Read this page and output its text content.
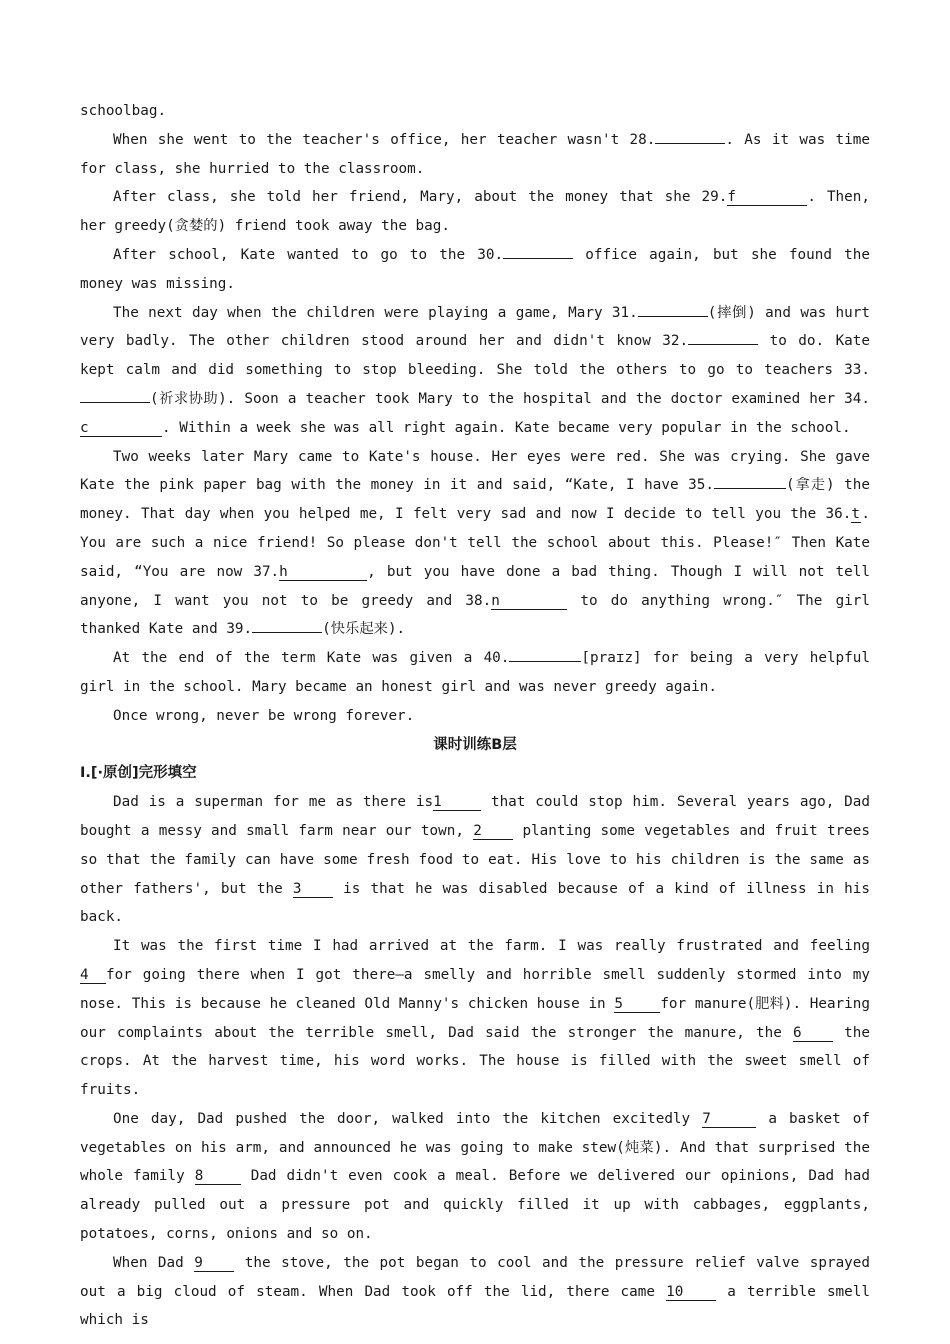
schoolbag.

When she went to the teacher's office, her teacher wasn't 28.	. As it was time for class, she hurried to the classroom.

After class, she told her friend, Mary, about the money that she 29.f	. Then, her greedy(贪婪的) friend took away the bag.

After school, Kate wanted to go to the 30.	office again, but she found the money was missing.

The next day when the children were playing a game, Mary 31.	(摔倒) and was hurt very badly. The other children stood around her and didn't know 32.	to do. Kate kept calm and did something to stop bleeding. She told the others to go to teachers 33.(祈求协助). Soon a teacher took Mary to the hospital and the doctor examined her 34.c	. Within a week she was all right again. Kate became very popular in the school.

Two weeks later Mary came to Kate's house. Her eyes were red. She was crying. She gave Kate the pink paper bag with the money in it and said, “Kate, I have 35.	(拿走) the money. That day when you helped me, I felt very sad and now I decide to tell you the 36.t. You are such a nice friend! So please don't tell the school about this. Please!″ Then Kate said, “You are now 37.h	, but you have done a bad thing. Though I will not tell anyone, I want you not to be greedy and 38.n	to do anything wrong.″ The girl thanked Kate and 39.	(快乐起来).

At the end of the term Kate was given a 40.	[praɪz] for being a very helpful girl in the school. Mary became an honest girl and was never greedy again.

Once wrong, never be wrong forever.

课时训练B层

Ⅰ.[·原创]完形填空

Dad is a superman for me as there is1	that could stop him. Several years ago, Dad bought a messy and small farm near our town, 2 planting some vegetables and fruit trees so that the family can have some fresh food to eat. His love to his children is the same as other fathers', but the 3 is that he was disabled because of a kind of illness in his back.

It was the first time I had arrived at the farm. I was really frustrated and feeling 4 for going there when I got there—a smelly and horrible smell suddenly stormed into my nose. This is because he cleaned Old Manny's chicken house in 5	for manure(肥料). Hearing our complaints about the terrible smell, Dad said the stronger the manure, the 6 the crops. At the harvest time, his word works. The house is filled with the sweet smell of fruits.

One day, Dad pushed the door, walked into the kitchen excitedly 7	a basket of vegetables on his arm, and announced he was going to make stew(炖菜). And that surprised the whole family 8	Dad didn't even cook a meal. Before we delivered our opinions, Dad had already pulled out a pressure pot and quickly filled it up with cabbages, eggplants, potatoes, corns, onions and so on.

When Dad 9 the stove, the pot began to cool and the pressure relief valve sprayed out a big cloud of steam. When Dad took off the lid, there came 10 a terrible smell which is
